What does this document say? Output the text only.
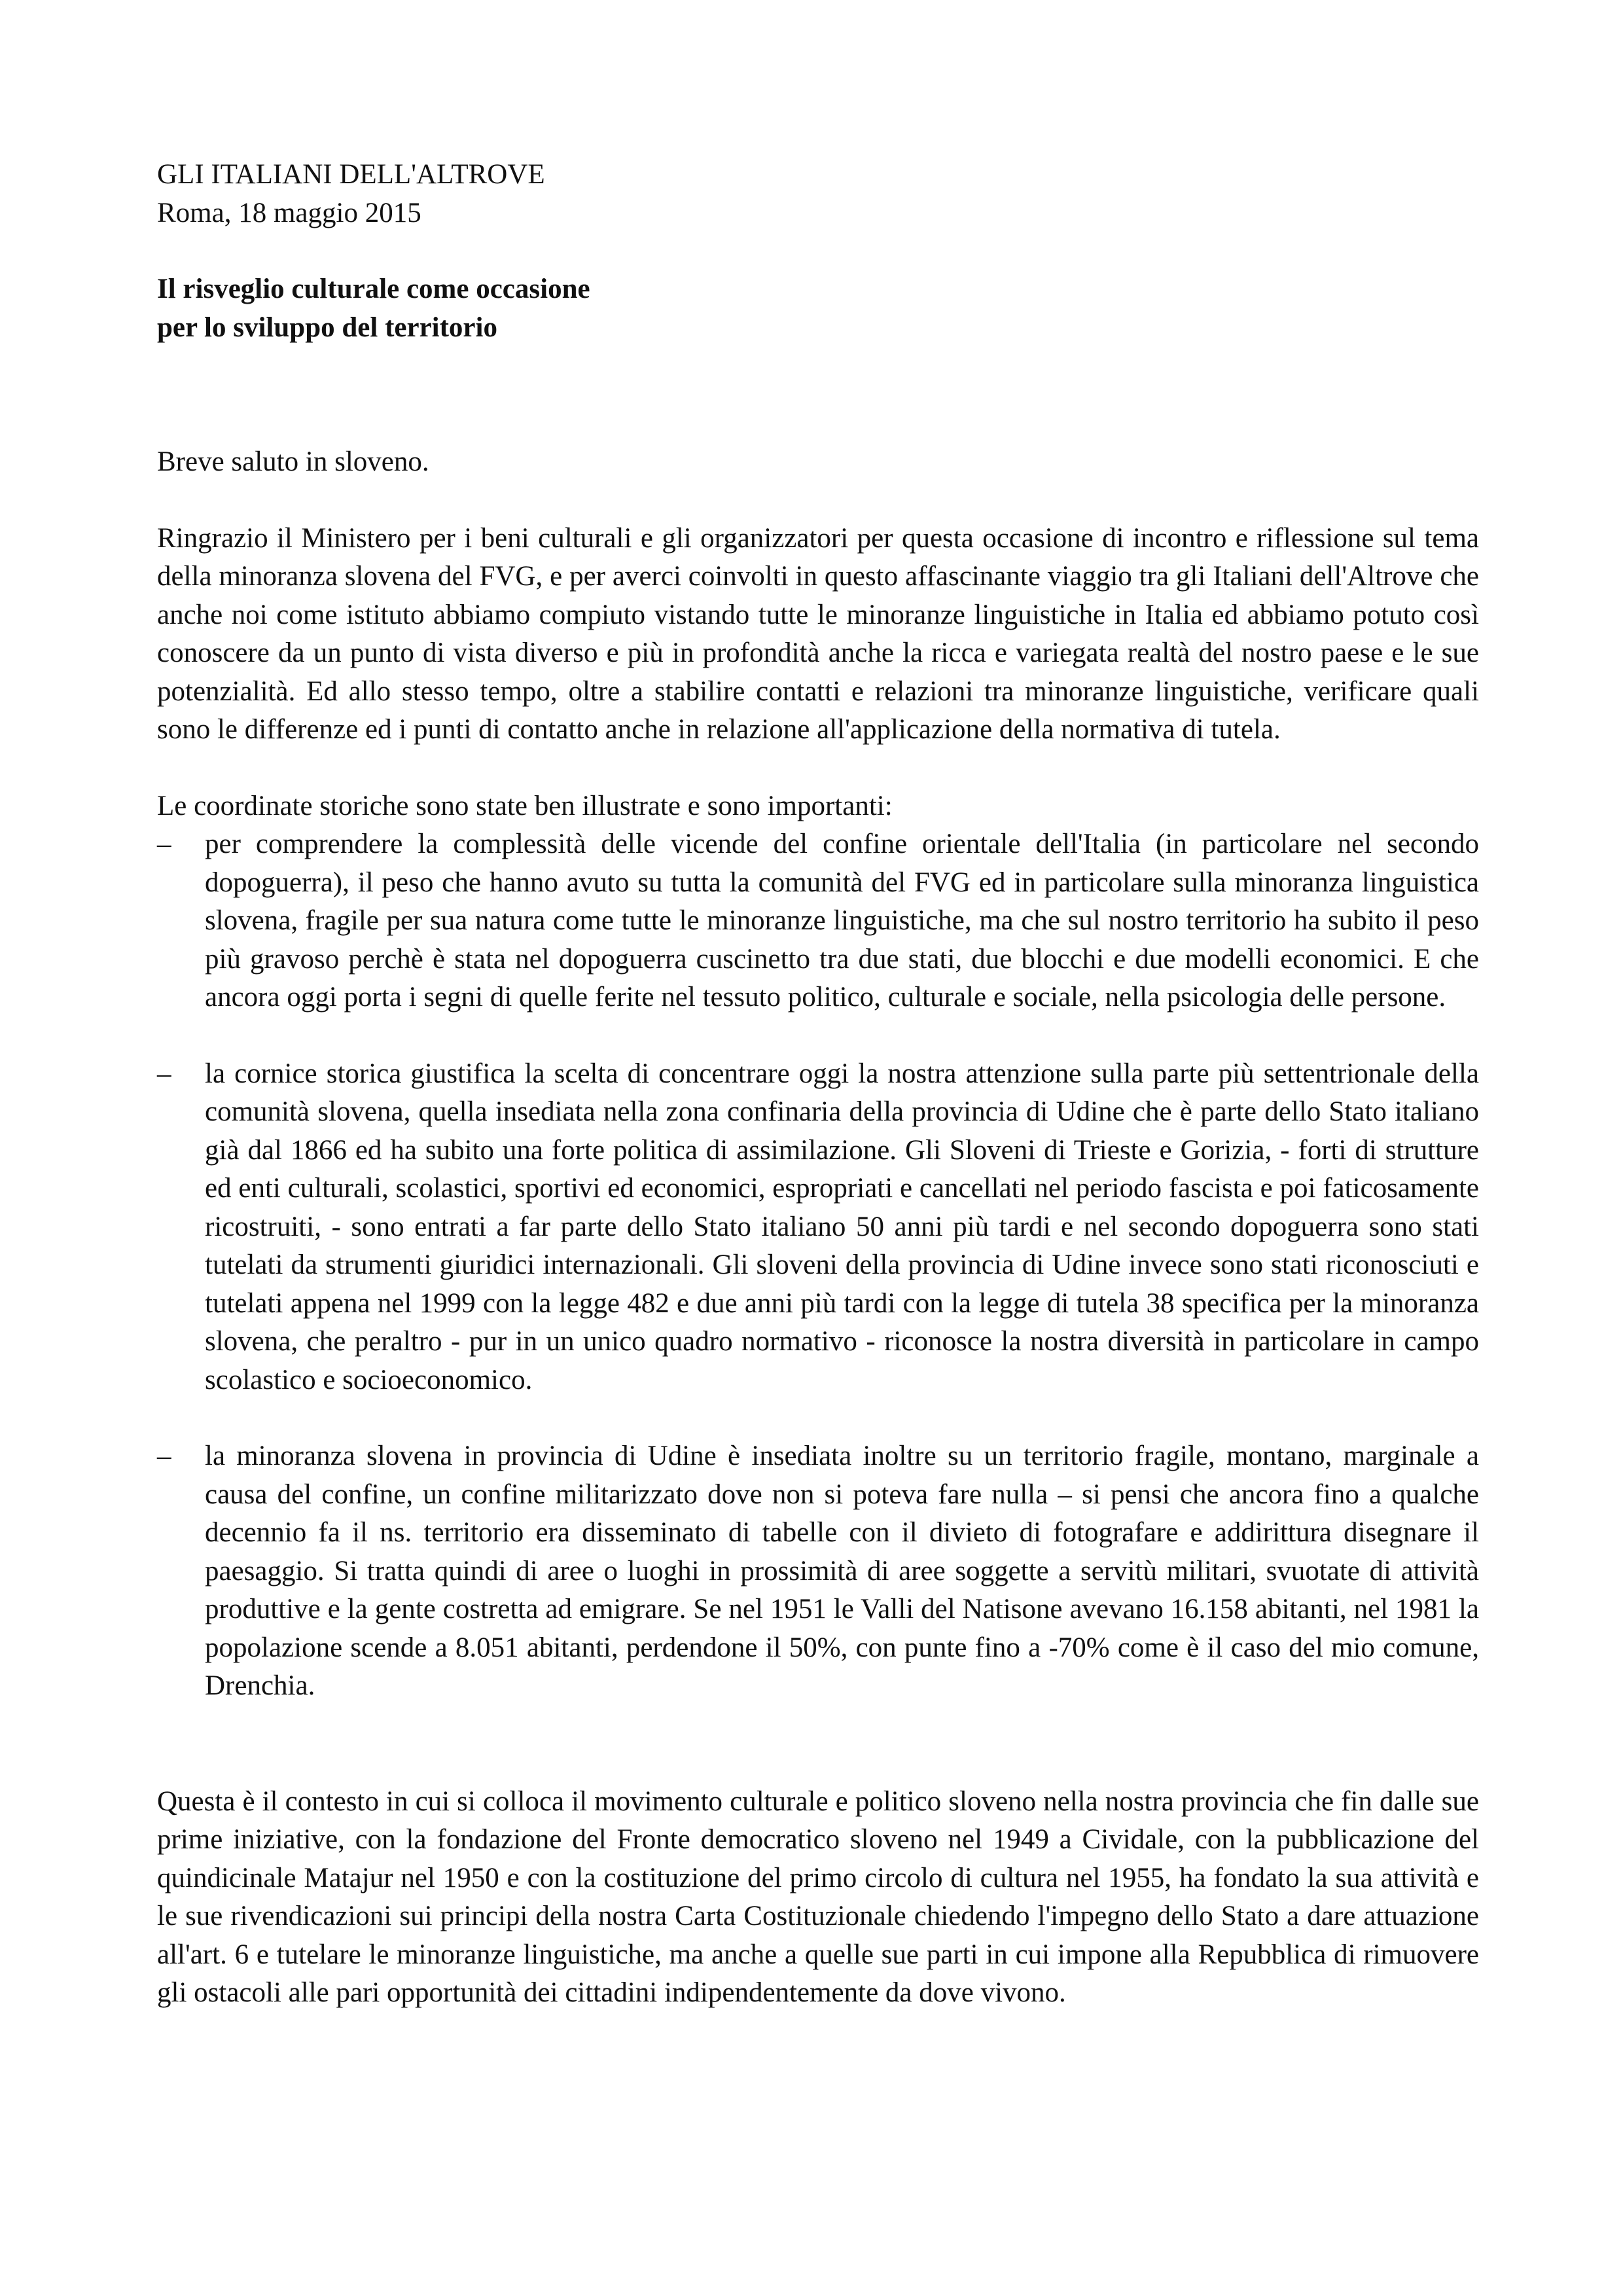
GLI ITALIANI DELL'ALTROVE

Roma, 18 maggio 2015

Il risveglio culturale come occasione
per lo sviluppo del territorio

Breve saluto in sloveno.

Ringrazio il Ministero per i beni culturali e gli organizzatori per questa occasione di incontro e riflessione sul tema della minoranza slovena del FVG, e per averci coinvolti in questo affascinante viaggio tra gli Italiani dell'Altrove che anche noi come istituto abbiamo compiuto vistando tutte le minoranze linguistiche in Italia ed abbiamo potuto così conoscere da un punto di vista diverso e più in profondità anche la ricca e variegata realtà del nostro paese e le sue potenzialità. Ed allo stesso tempo, oltre a stabilire contatti e relazioni tra minoranze linguistiche, verificare quali sono le differenze ed i punti di contatto anche in relazione all'applicazione della normativa di tutela.

Le coordinate storiche sono state ben illustrate e sono importanti:

– per comprendere la complessità delle vicende del confine orientale dell'Italia (in particolare nel secondo dopoguerra), il peso che hanno avuto su tutta la comunità del FVG ed in particolare sulla minoranza linguistica slovena, fragile per sua natura come tutte le minoranze linguistiche, ma che sul nostro territorio ha subito il peso più gravoso perchè è stata nel dopoguerra cuscinetto tra due stati, due blocchi e due modelli economici. E che ancora oggi porta i segni di quelle ferite nel tessuto politico, culturale e sociale, nella psicologia delle persone.
– la cornice storica giustifica la scelta di concentrare oggi la nostra attenzione sulla parte più settentrionale della comunità slovena, quella insediata nella zona confinaria della provincia di Udine che è parte dello Stato italiano già dal 1866 ed ha subito una forte politica di assimilazione. Gli Sloveni di Trieste e Gorizia, - forti di strutture ed enti culturali, scolastici, sportivi ed economici, espropriati e cancellati nel periodo fascista e poi faticosamente ricostruiti, - sono entrati a far parte dello Stato italiano 50 anni più tardi e nel secondo dopoguerra sono stati tutelati da strumenti giuridici internazionali. Gli sloveni della provincia di Udine invece sono stati riconosciuti e tutelati appena nel 1999 con la legge 482 e due anni più tardi con la legge di tutela 38 specifica per la minoranza slovena, che peraltro - pur in un unico quadro normativo - riconosce la nostra diversità in particolare in campo scolastico e socioeconomico.
– la minoranza slovena in provincia di Udine è insediata inoltre su un territorio fragile, montano, marginale a causa del confine, un confine militarizzato dove non si poteva fare nulla – si pensi che ancora fino a qualche decennio fa il ns. territorio era disseminato di tabelle con il divieto di fotografare e addirittura disegnare il paesaggio. Si tratta quindi di aree o luoghi in prossimità di aree soggette a servitù militari, svuotate di attività produttive e la gente costretta ad emigrare. Se nel 1951 le Valli del Natisone avevano 16.158 abitanti, nel 1981 la popolazione scende a 8.051 abitanti, perdendone il 50%, con punte fino a -70% come è il caso del mio comune, Drenchia.

Questa è il contesto in cui si colloca il movimento culturale e politico sloveno nella nostra provincia che fin dalle sue prime iniziative, con la fondazione del Fronte democratico sloveno nel 1949 a Cividale, con la pubblicazione del quindicinale Matajur nel 1950 e con la costituzione del primo circolo di cultura nel 1955, ha fondato la sua attività e le sue rivendicazioni sui principi della nostra Carta Costituzionale chiedendo l'impegno dello Stato a dare attuazione all'art. 6 e tutelare le minoranze linguistiche, ma anche a quelle sue parti in cui impone alla Repubblica di rimuovere gli ostacoli alle pari opportunità dei cittadini indipendentemente da dove vivono.
